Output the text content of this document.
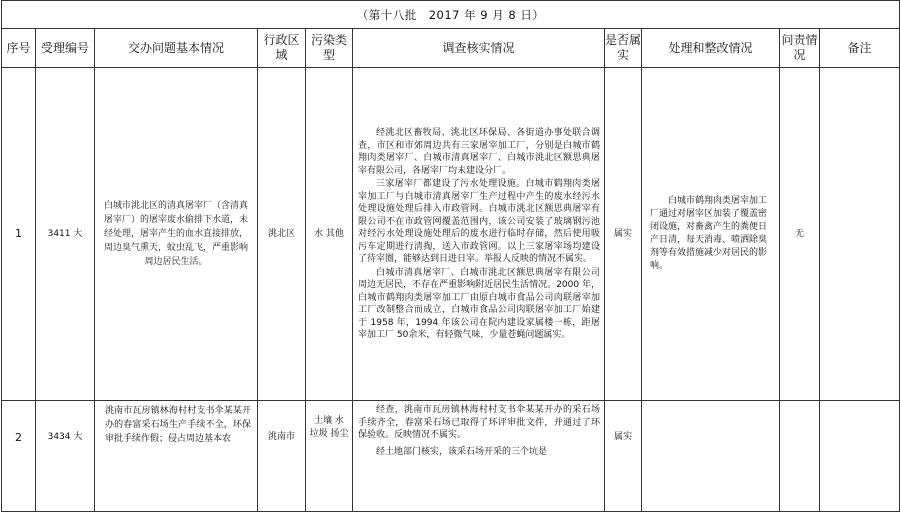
（第十八批　2017 年 9 月 8 日）									
序号	受理编号	交办问题基本情况	行政区域	污染类型	调查核实情况	是否属实	处理和整改情况	问责情况	备注
1	3411 大	白城市洮北区的清真屠宰厂（含清真屠宰厂）的屠宰废水偷排下水道，未经处理，屠宰产生的血水直接排放，周边臭气熏天，蚊虫乱飞，严重影响周边居民生活。	洮北区	水 其他	经洮北区畜牧局、洮北区环保局、各街道办事处联合调查，市区和市郊周边共有三家屠宰加工厂，分别是白城市鹤翔肉类屠宰厂、白城市清真屠宰厂、白城市洮北区额思典屠宰有限公司，各屠宰厂均未建设分厂。

三家屠宰厂都建设了污水处理设施。白城市鹤翔肉类屠宰加工厂与白城市清真屠宰厂生产过程中产生的废水经污水处理设施处理后排入市政管网。白城市洮北区额思典屠宰有限公司不在市政管网覆盖范围内，该公司安装了玻璃钢污池对经污水处理设施处理后的废水进行临时存储，然后使用吸污车定期进行清掏，送入市政管网。以上三家屠宰场均建设了待宰圈，能够达到日进日宰。举报人反映的情况不属实。

白城市清真屠宰厂、白城市洮北区额思典屠宰有限公司周边无居民，不存在严重影响附近居民生活情况。2000 年，白城市鹤翔肉类屠宰加工厂由原白城市食品公司肉联屠宰加工厂改制整合而成立，白城市食品公司肉联屠宰加工厂始建于 1958 年，1994 年该公司在院内建设家属楼一栋，距屠宰加工厂 50余米，有轻微气味，少量苍蝇问题属实。	属实	白城市鹤翔肉类屠宰加工厂通过对屠宰区加装了覆盖密闭设施，对畜禽产生的粪便日产日清，每天消毒、喷洒除臭剂等有效措施减少对居民的影响。	无	
2	3434 大	洮南市瓦房镇林海村村支书伞某某开办的春富采石场生产手续不全，环保审批手续作假；侵占周边基本农	洮南市	土壤 水 垃圾 扬尘	经查，洮南市瓦房镇林海村村支书伞某某开办的采石场手续齐全，春富采石场已取得了环评审批文件，并通过了环保验收。反映情况不属实。

经土地部门核实，该采石场开采的三个坑是	属实			
